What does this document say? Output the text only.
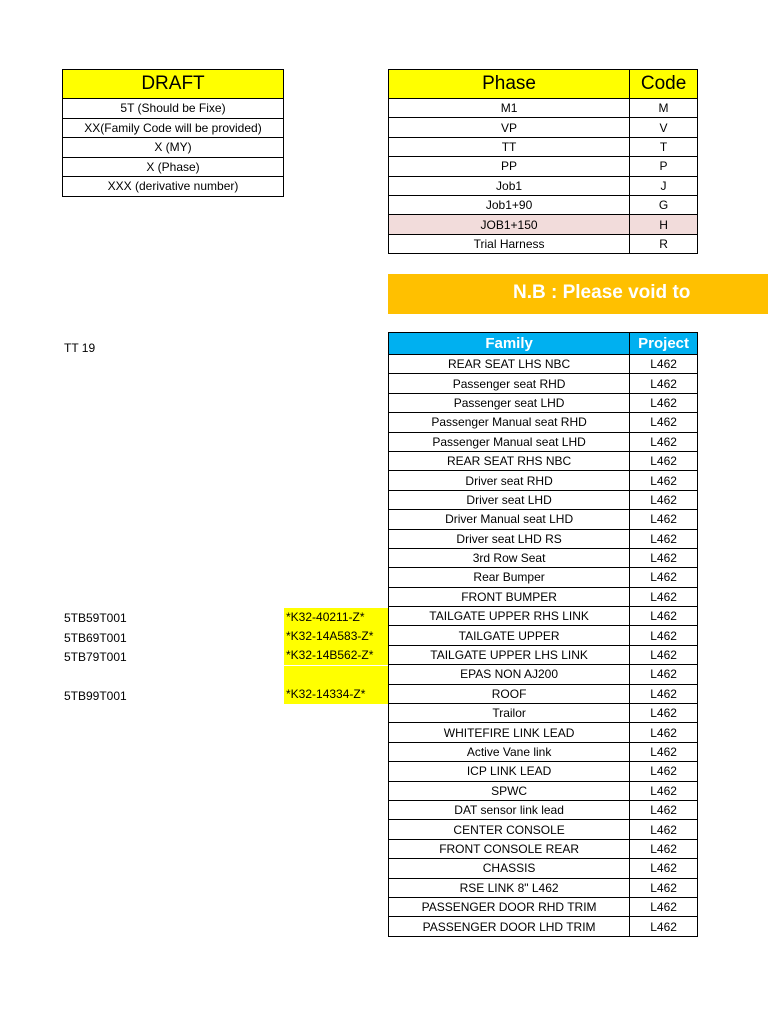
DRAFT
5T (Should be Fixe)
XX(Family Code will be provided)
X (MY)
X (Phase)
XXX (derivative number)
Phase	Code
M1	M
VP	V
TT	T
PP	P
Job1	J
Job1+90	G
JOB1+150	H
Trial Harness	R
N.B : Please void to
TT 19
5TB59T001	*K32-40211-Z*
5TB69T001	*K32-14A583-Z*
5TB79T001	*K32-14B562-Z*
5TB99T001	*K32-14334-Z*
Family	Project
REAR SEAT LHS NBC	L462
Passenger seat RHD	L462
Passenger seat LHD	L462
Passenger Manual seat RHD	L462
Passenger Manual seat LHD	L462
REAR SEAT RHS NBC	L462
Driver seat RHD	L462
Driver seat LHD	L462
Driver Manual seat LHD	L462
Driver seat LHD RS	L462
3rd Row Seat	L462
Rear Bumper	L462
FRONT BUMPER	L462
TAILGATE UPPER RHS LINK	L462
TAILGATE UPPER	L462
TAILGATE UPPER LHS LINK	L462
EPAS NON AJ200	L462
ROOF	L462
Trailor	L462
WHITEFIRE LINK LEAD	L462
Active Vane link	L462
ICP LINK LEAD	L462
SPWC	L462
DAT sensor link lead	L462
CENTER CONSOLE	L462
FRONT CONSOLE REAR	L462
CHASSIS	L462
RSE LINK 8" L462	L462
PASSENGER DOOR RHD TRIM	L462
PASSENGER DOOR LHD TRIM	L462
